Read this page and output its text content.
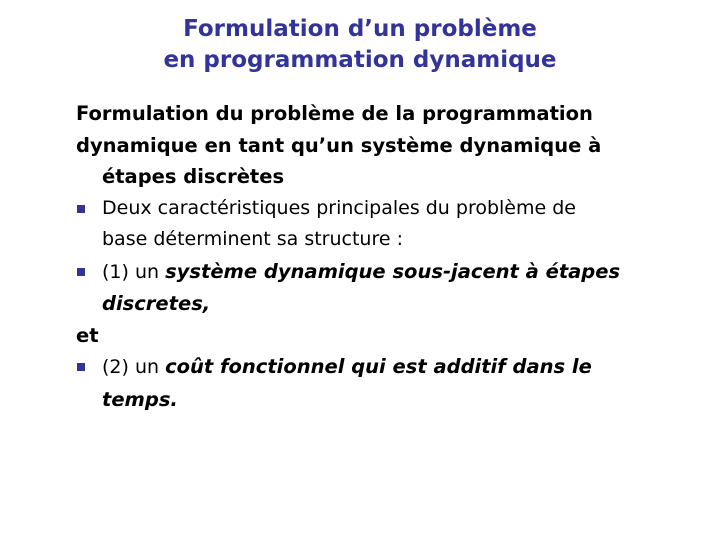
Formulation d’un problème
en programmation dynamique
Formulation du problème de la programmation
dynamique en tant qu’un système dynamique à
étapes discrètes
Deux caractéristiques principales du problème de
base déterminent sa structure :
(1) un système dynamique sous-jacent à étapes
discretes,
et
(2) un coût fonctionnel qui est additif dans le
temps.
